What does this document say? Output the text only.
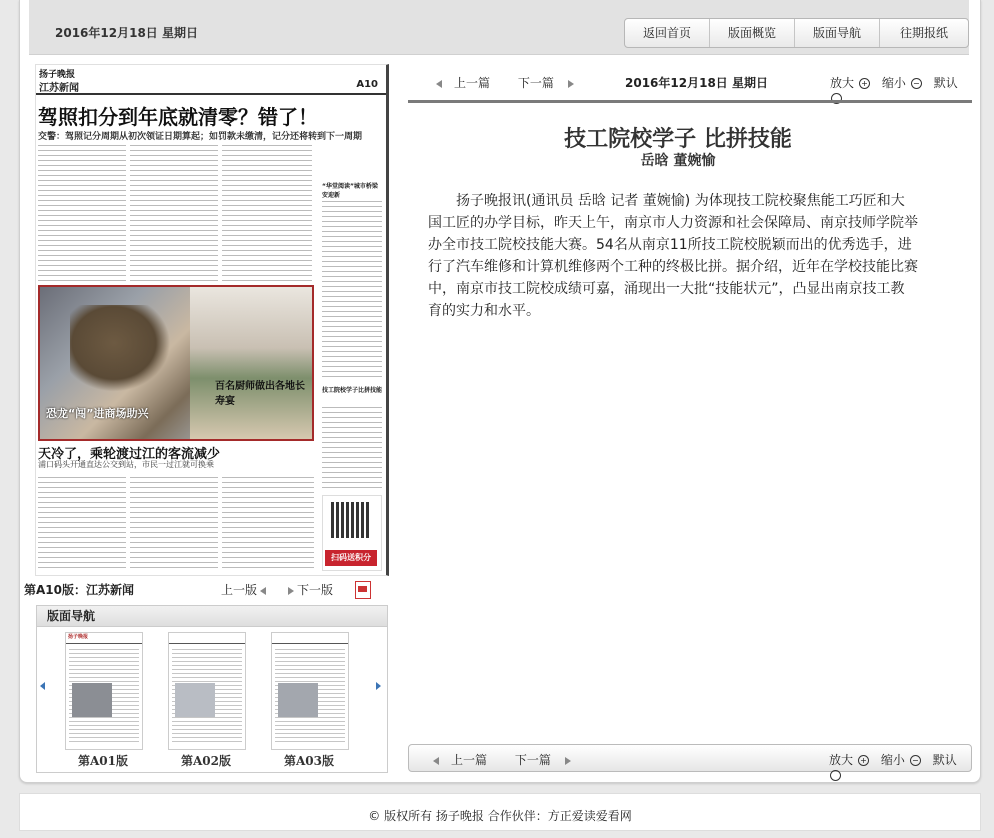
2016年12月18日 星期日	返回首页	版面概览	版面导航	往期报纸
扬子晚报
江苏新闻	A10
驾照扣分到年底就清零？错了！
交警：驾照记分周期从初次领证日期算起；如罚款未缴清，记分还将转到下一周期
“华堂阅读”城市桥梁安迎新
技工院校学子比拼技能
恐龙“闯”进商场助兴
百名厨师做出各地长寿宴
天冷了，乘轮渡过江的客流减少
浦口码头开通直达公交到站，市民一过江就可换乘
扫码送积分
第A10版：江苏新闻	上一版	下一版
版面导航
扬子晚报
第A01版	第A02版	第A03版
上一篇 下一篇	2016年12月18日 星期日	放大 + 缩小 − 默认
技工院校学子 比拼技能
岳晗 董婉愉
扬子晚报讯(通讯员 岳晗 记者 董婉愉) 为体现技工院校聚焦能工巧匠和大国工匠的办学目标，昨天上午，南京市人力资源和社会保障局、南京技师学院举办全市技工院校技能大赛。54名从南京11所技工院校脱颖而出的优秀选手，进行了汽车维修和计算机维修两个工种的终极比拼。据介绍，近年在学校技能比赛中，南京市技工院校成绩可嘉，涌现出一大批“技能状元”，凸显出南京技工教育的实力和水平。
上一篇 下一篇	放大 + 缩小 − 默认
© 版权所有 扬子晚报 合作伙伴：方正爱读爱看网
